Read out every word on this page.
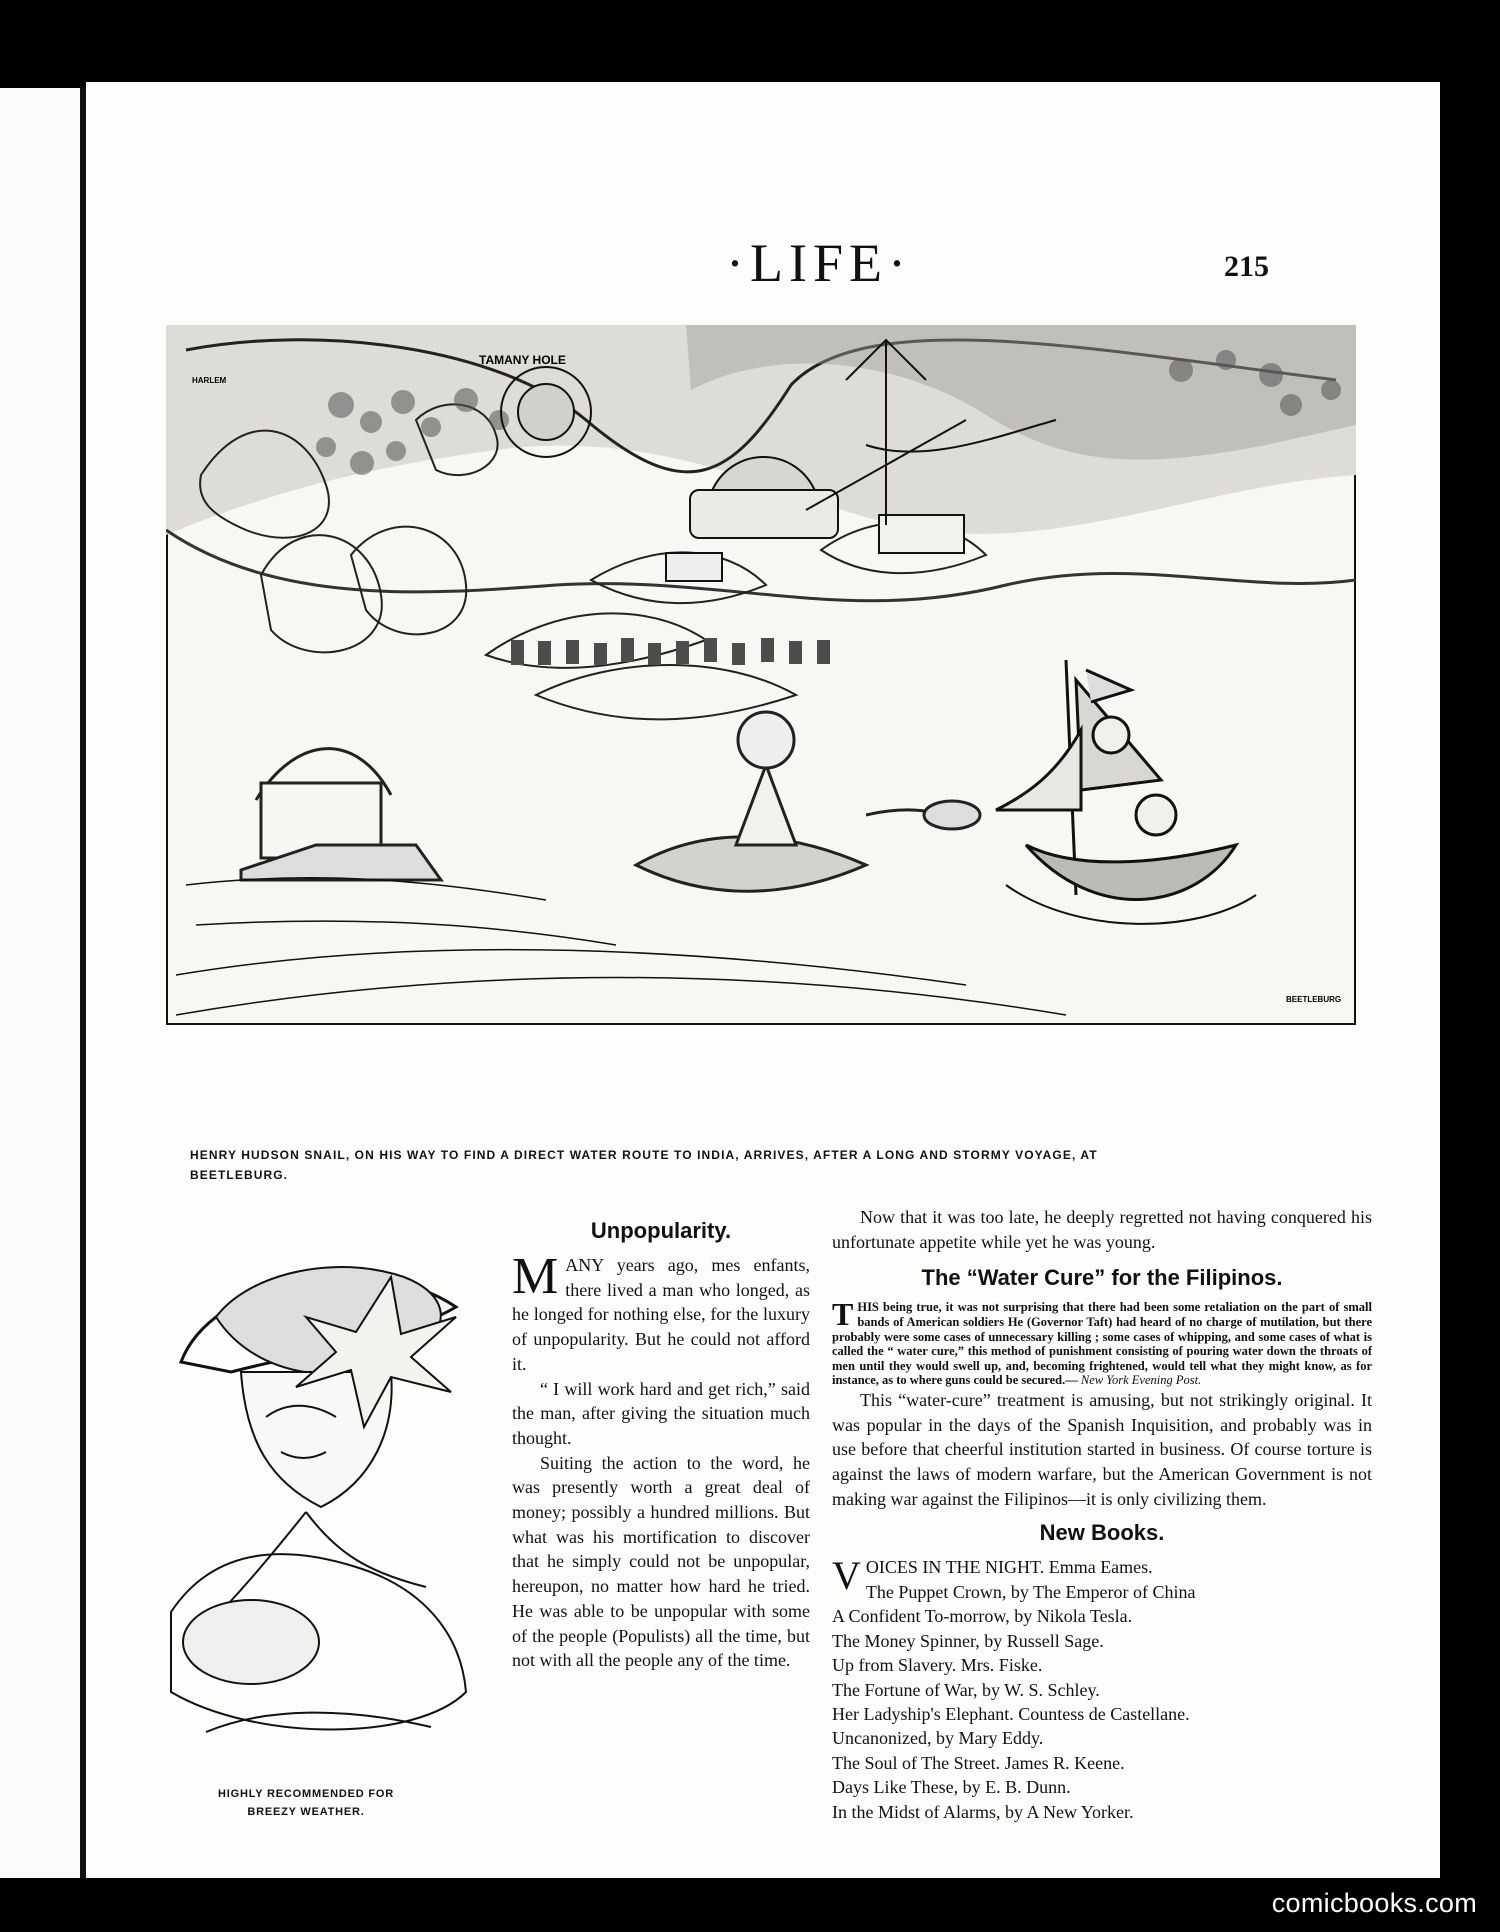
·LIFE·	215
TAMANY HOLE
HARLEM
BEETLEBURG
HENRY HUDSON SNAIL, ON HIS WAY TO FIND A DIRECT WATER ROUTE TO INDIA, ARRIVES, AFTER A LONG AND STORMY VOYAGE, AT BEETLEBURG.
HIGHLY RECOMMENDED FOR BREEZY WEATHER.
Unpopularity.

M ANY years ago, mes enfants, there lived a man who longed, as he longed for nothing else, for the luxury of unpopularity. But he could not afford it.

“ I will work hard and get rich,” said the man, after giving the situation much thought.

Suiting the action to the word, he was presently worth a great deal of money; possibly a hundred millions. But what was his mortification to discover that he simply could not be unpopular, hereupon, no matter how hard he tried. He was able to be unpopular with some of the people (Populists) all the time, but not with all the people any of the time.

Now that it was too late, he deeply regretted not having conquered his unfortunate appetite while yet he was young.

The “Water Cure” for the Filipinos.

T HIS being true, it was not surprising that there had been some retaliation on the part of small bands of American soldiers He (Governor Taft) had heard of no charge of mutilation, but there probably were some cases of unnecessary killing ; some cases of whipping, and some cases of what is called the “ water cure,” this method of punishment consisting of pouring water down the throats of men until they would swell up, and, becoming frightened, would tell what they might know, as for instance, as to where guns could be secured.— New York Evening Post.

This “water-cure” treatment is amusing, but not strikingly original. It was popular in the days of the Spanish Inquisition, and probably was in use before that cheerful institution started in business. Of course torture is against the laws of modern warfare, but the American Government is not making war against the Filipinos—it is only civilizing them.

New Books.

V OICES IN THE NIGHT. Emma Eames.

The Puppet Crown, by The Emperor of China

A Confident To-morrow, by Nikola Tesla.

The Money Spinner, by Russell Sage.

Up from Slavery. Mrs. Fiske.

The Fortune of War, by W. S. Schley.

Her Ladyship's Elephant. Countess de Castellane.

Uncanonized, by Mary Eddy.

The Soul of The Street. James R. Keene.

Days Like These, by E. B. Dunn.

In the Midst of Alarms, by A New Yorker.

comicbooks.com
